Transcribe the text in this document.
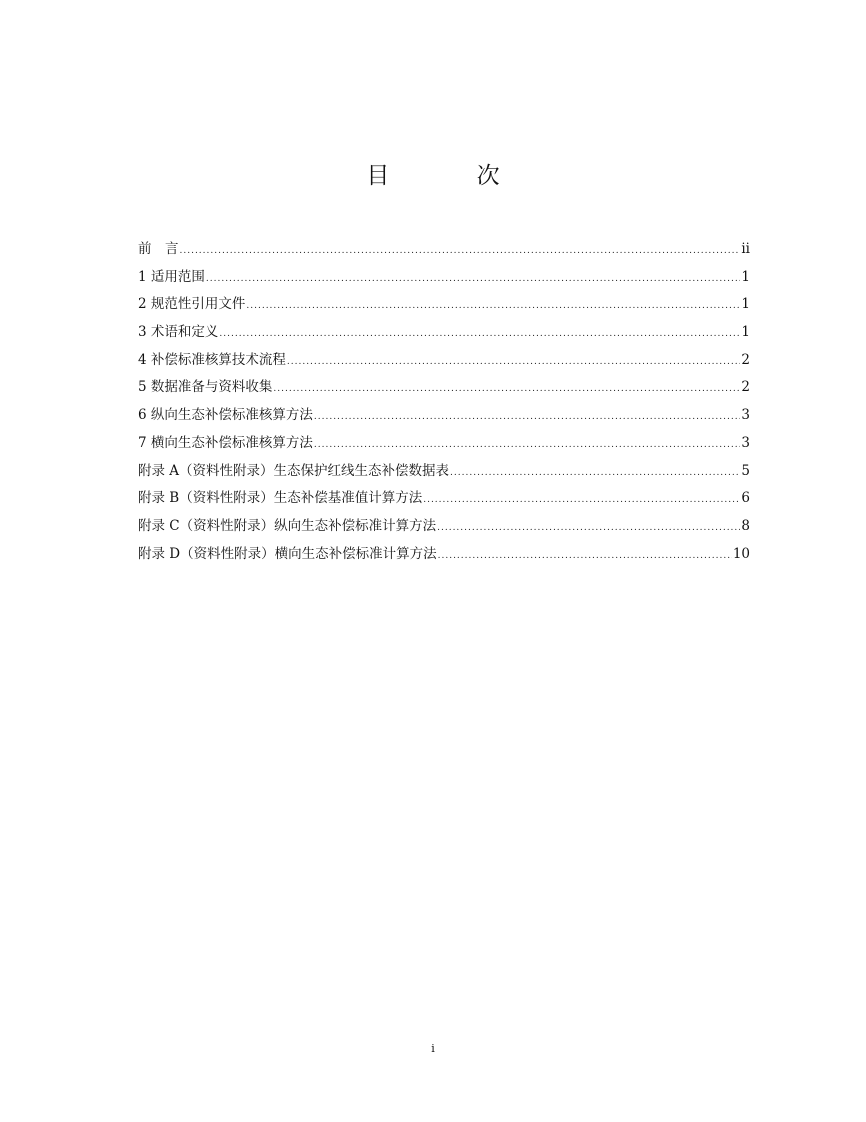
目 次
前　言 .....	ii
1 适用范围 .....	1
2 规范性引用文件 .....	1
3 术语和定义 .....	1
4 补偿标准核算技术流程 .....	2
5 数据准备与资料收集 .....	2
6 纵向生态补偿标准核算方法 .....	3
7 横向生态补偿标准核算方法 .....	3
附录 A（资料性附录）生态保护红线生态补偿数据表 .....	5
附录 B（资料性附录）生态补偿基准值计算方法 .....	6
附录 C（资料性附录）纵向生态补偿标准计算方法 .....	8
附录 D（资料性附录）横向生态补偿标准计算方法 .....	10
i
